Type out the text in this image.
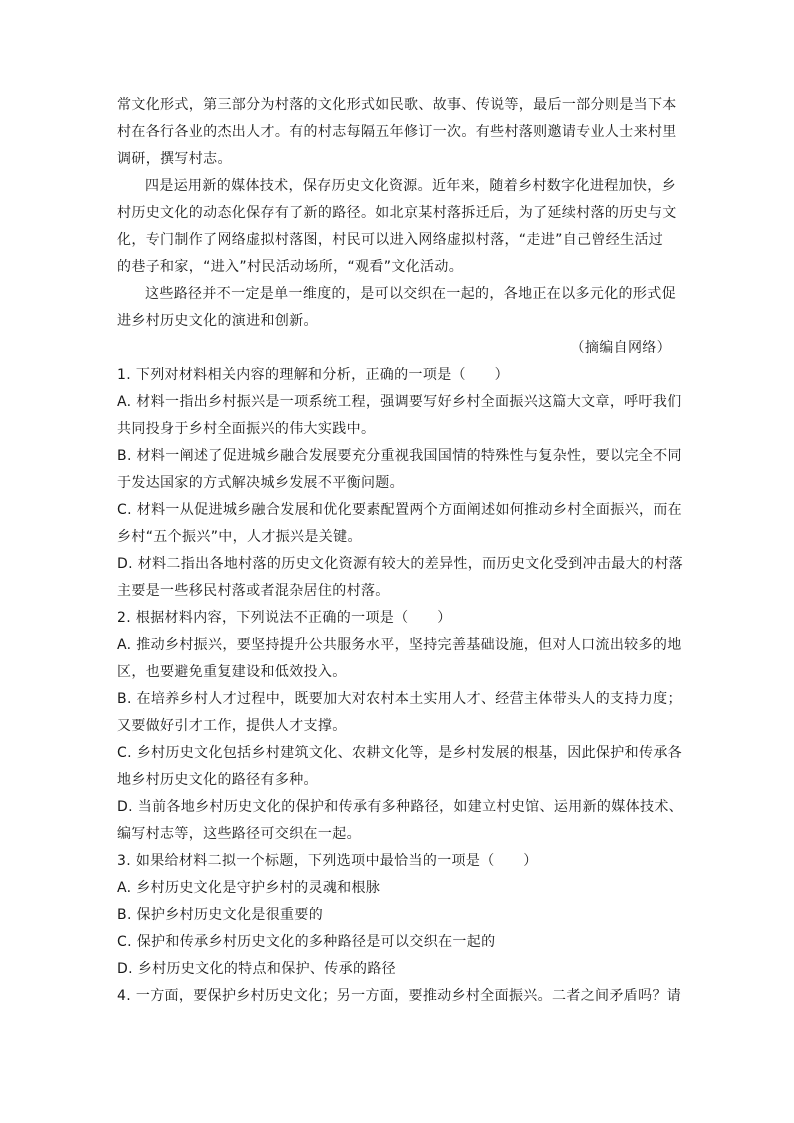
常文化形式，第三部分为村落的文化形式如民歌、故事、传说等，最后一部分则是当下本
村在各行各业的杰出人才。有的村志每隔五年修订一次。有些村落则邀请专业人士来村里
调研，撰写村志。
四是运用新的媒体技术，保存历史文化资源。近年来，随着乡村数字化进程加快，乡
村历史文化的动态化保存有了新的路径。如北京某村落拆迁后，为了延续村落的历史与文
化，专门制作了网络虚拟村落图，村民可以进入网络虚拟村落，“走进”自己曾经生活过
的巷子和家，“进入”村民活动场所，“观看”文化活动。
这些路径并不一定是单一维度的，是可以交织在一起的，各地正在以多元化的形式促
进乡村历史文化的演进和创新。
（摘编自网络）
1. 下列对材料相关内容的理解和分析，正确的一项是（　　）
A. 材料一指出乡村振兴是一项系统工程，强调要写好乡村全面振兴这篇大文章，呼吁我们
共同投身于乡村全面振兴的伟大实践中。
B. 材料一阐述了促进城乡融合发展要充分重视我国国情的特殊性与复杂性，要以完全不同
于发达国家的方式解决城乡发展不平衡问题。
C. 材料一从促进城乡融合发展和优化要素配置两个方面阐述如何推动乡村全面振兴，而在
乡村“五个振兴”中，人才振兴是关键。
D. 材料二指出各地村落的历史文化资源有较大的差异性，而历史文化受到冲击最大的村落
主要是一些移民村落或者混杂居住的村落。
2. 根据材料内容，下列说法不正确的一项是（　　）
A. 推动乡村振兴，要坚持提升公共服务水平，坚持完善基础设施，但对人口流出较多的地
区，也要避免重复建设和低效投入。
B. 在培养乡村人才过程中，既要加大对农村本土实用人才、经营主体带头人的支持力度；
又要做好引才工作，提供人才支撑。
C. 乡村历史文化包括乡村建筑文化、农耕文化等，是乡村发展的根基，因此保护和传承各
地乡村历史文化的路径有多种。
D. 当前各地乡村历史文化的保护和传承有多种路径，如建立村史馆、运用新的媒体技术、
编写村志等，这些路径可交织在一起。
3. 如果给材料二拟一个标题，下列选项中最恰当的一项是（　　）
A. 乡村历史文化是守护乡村的灵魂和根脉
B. 保护乡村历史文化是很重要的
C. 保护和传承乡村历史文化的多种路径是可以交织在一起的
D. 乡村历史文化的特点和保护、传承的路径
4. 一方面，要保护乡村历史文化；另一方面，要推动乡村全面振兴。二者之间矛盾吗？请
